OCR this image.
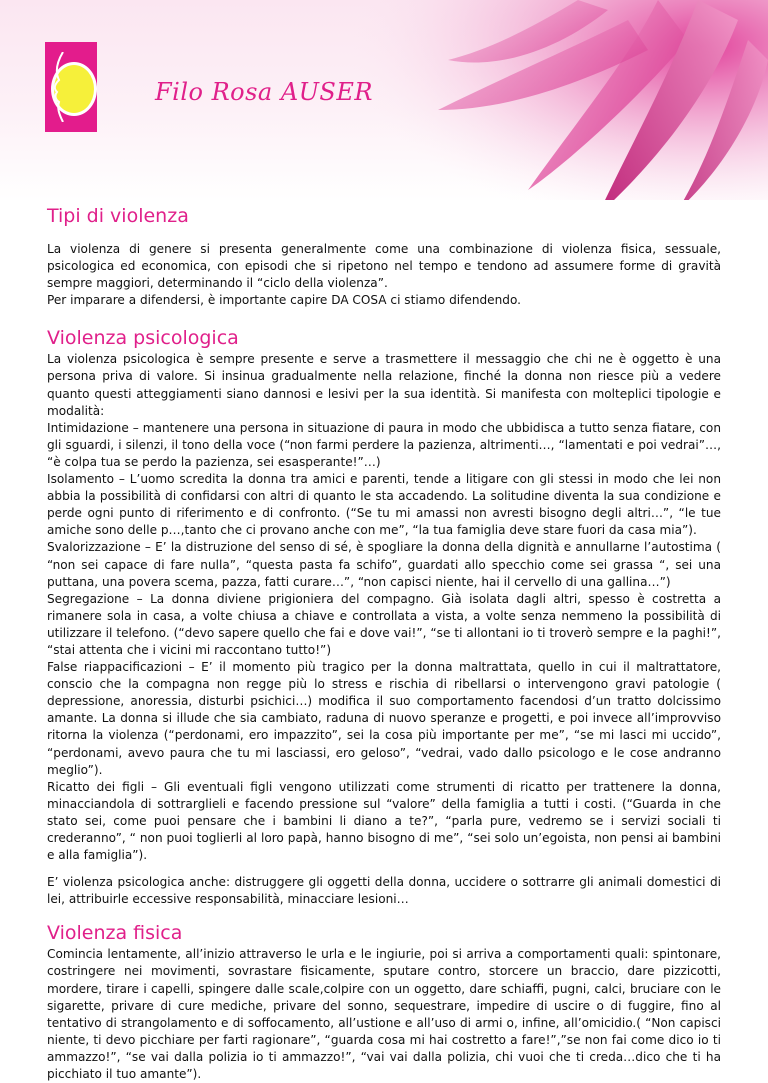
Filo Rosa AUSER
Tipi di violenza

La violenza di genere si presenta generalmente come una combinazione di violenza fisica, sessuale, psicologica ed economica, con episodi che si ripetono nel tempo e tendono ad assumere forme di gravità sempre maggiori, determinando il “ciclo della violenza”.

Per imparare a difendersi, è importante capire DA COSA ci stiamo difendendo.

Violenza psicologica

La violenza psicologica è sempre presente e serve a trasmettere il messaggio che chi ne è oggetto è una persona priva di valore. Si insinua gradualmente nella relazione, finché la donna non riesce più a vedere quanto questi atteggiamenti siano dannosi e lesivi per la sua identità. Si manifesta con molteplici tipologie e modalità:

Intimidazione – mantenere una persona in situazione di paura in modo che ubbidisca a tutto senza fiatare, con gli sguardi, i silenzi, il tono della voce (“non farmi perdere la pazienza, altrimenti…, “lamentati e poi vedrai”…, “è colpa tua se perdo la pazienza, sei esasperante!”…)

Isolamento – L’uomo screditа la donna tra amici e parenti, tende a litigare con gli stessi in modo che lei non abbia la possibilità di confidarsi con altri di quanto le sta accadendo. La solitudine diventa la sua condizione e perde ogni punto di riferimento e di confronto. (“Se tu mi amassi non avresti bisogno degli altri…”, “le tue amiche sono delle p…,tanto che ci provano anche con me”, “la tua famiglia deve stare fuori da casa mia”).

Svalorizzazione – E’ la distruzione del senso di sé, è spogliare la donna della dignità e annullarne l’autostima ( “non sei capace di fare nulla”, “questa pasta fa schifo”, guardati allo specchio come sei grassa “, sei una puttana, una povera scema, pazza, fatti curare…”, “non capisci niente, hai il cervello di una gallina…”)

Segregazione – La donna diviene prigioniera del compagno. Già isolata dagli altri, spesso è costretta a rimanere sola in casa, a volte chiusa a chiave e controllata a vista, a volte senza nemmeno la possibilità di utilizzare il telefono. (“devo sapere quello che fai e dove vai!”, “se ti allontani io ti troverò sempre e la paghi!”, “stai attenta che i vicini mi raccontano tutto!”)

False riappacificazioni – E’ il momento più tragico per la donna maltrattata, quello in cui il maltrattatore, conscio che la compagna non regge più lo stress e rischia di ribellarsi o intervengono gravi patologie ( depressione, anoressia, disturbi psichici…) modifica il suo comportamento facendosi d’un tratto dolcissimo amante. La donna si illude che sia cambiato, raduna di nuovo speranze e progetti, e poi invece all’improvviso ritorna la violenza (“perdonami, ero impazzito”, sei la cosa più importante per me”, “se mi lasci mi uccido”, “perdonami, avevo paura che tu mi lasciassi, ero geloso”, “vedrai, vado dallo psicologo e le cose andranno meglio”).

Ricatto dei figli – Gli eventuali figli vengono utilizzati come strumenti di ricatto per trattenere la donna, minacciandola di sottrarglieli e facendo pressione sul “valore” della famiglia a tutti i costi. (“Guarda in che stato sei, come puoi pensare che i bambini li diano a te?”, “parla pure, vedremo se i servizi sociali ti crederanno”, “ non puoi toglierli al loro papà, hanno bisogno di me”, “sei solo un’egoista, non pensi ai bambini e alla famiglia”).

E’ violenza psicologica anche: distruggere gli oggetti della donna, uccidere o sottrarre gli animali domestici di lei, attribuirle eccessive responsabilità, minacciare lesioni…

Violenza fisica

Comincia lentamente, all’inizio attraverso le urla e le ingiurie, poi si arriva a comportamenti quali: spintonare, costringere nei movimenti, sovrastare fisicamente, sputare contro, storcere un braccio, dare pizzicotti, mordere, tirare i capelli, spingere dalle scale,colpire con un oggetto, dare schiaffi, pugni, calci, bruciare con le sigarette, privare di cure mediche, privare del sonno, sequestrare, impedire di uscire o di fuggire, fino al tentativo di strangolamento e di soffocamento, all’ustione e all’uso di armi o, infine, all’omicidio.( “Non capisci niente, ti devo picchiare per farti ragionare”, “guarda cosa mi hai costretto a fare!”,”se non fai come dico io ti ammazzo!”, “se vai dalla polizia io ti ammazzo!”, “vai vai dalla polizia, chi vuoi che ti creda…dico che ti ha picchiato il tuo amante”).
